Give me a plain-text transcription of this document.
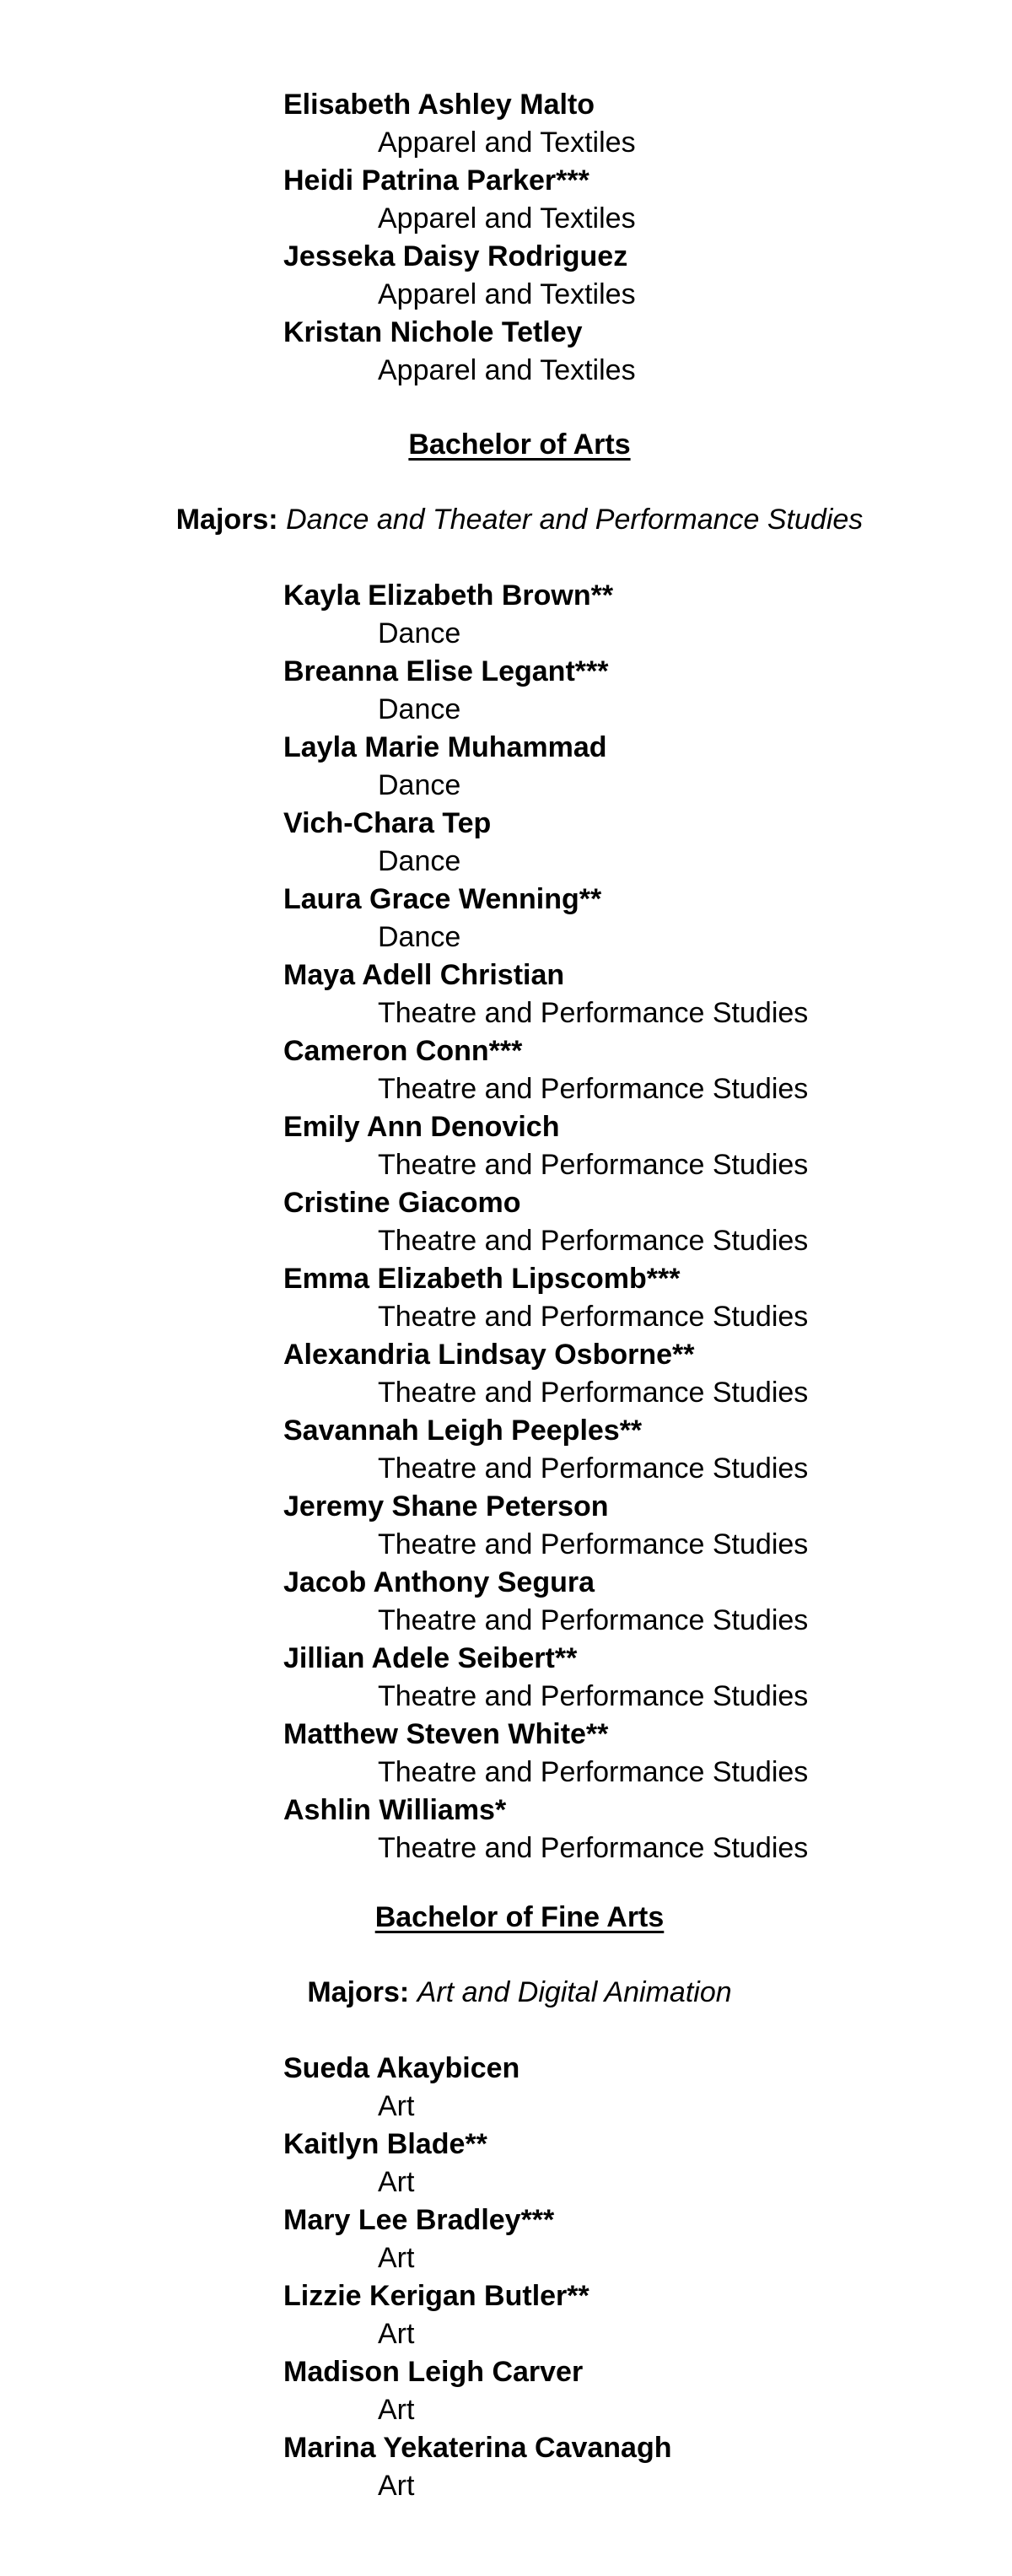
Elisabeth Ashley Malto
Apparel and Textiles
Heidi Patrina Parker***
Apparel and Textiles
Jesseka Daisy Rodriguez
Apparel and Textiles
Kristan Nichole Tetley
Apparel and Textiles
Bachelor of Arts
Majors: Dance and Theater and Performance Studies
Kayla Elizabeth Brown**
Dance
Breanna Elise Legant***
Dance
Layla Marie Muhammad
Dance
Vich-Chara Tep
Dance
Laura Grace Wenning**
Dance
Maya Adell Christian
Theatre and Performance Studies
Cameron Conn***
Theatre and Performance Studies
Emily Ann Denovich
Theatre and Performance Studies
Cristine Giacomo
Theatre and Performance Studies
Emma Elizabeth Lipscomb***
Theatre and Performance Studies
Alexandria Lindsay Osborne**
Theatre and Performance Studies
Savannah Leigh Peeples**
Theatre and Performance Studies
Jeremy Shane Peterson
Theatre and Performance Studies
Jacob Anthony Segura
Theatre and Performance Studies
Jillian Adele Seibert**
Theatre and Performance Studies
Matthew Steven White**
Theatre and Performance Studies
Ashlin Williams*
Theatre and Performance Studies
Bachelor of Fine Arts
Majors: Art and Digital Animation
Sueda Akaybicen
Art
Kaitlyn Blade**
Art
Mary Lee Bradley***
Art
Lizzie Kerigan Butler**
Art
Madison Leigh Carver
Art
Marina Yekaterina Cavanagh
Art
